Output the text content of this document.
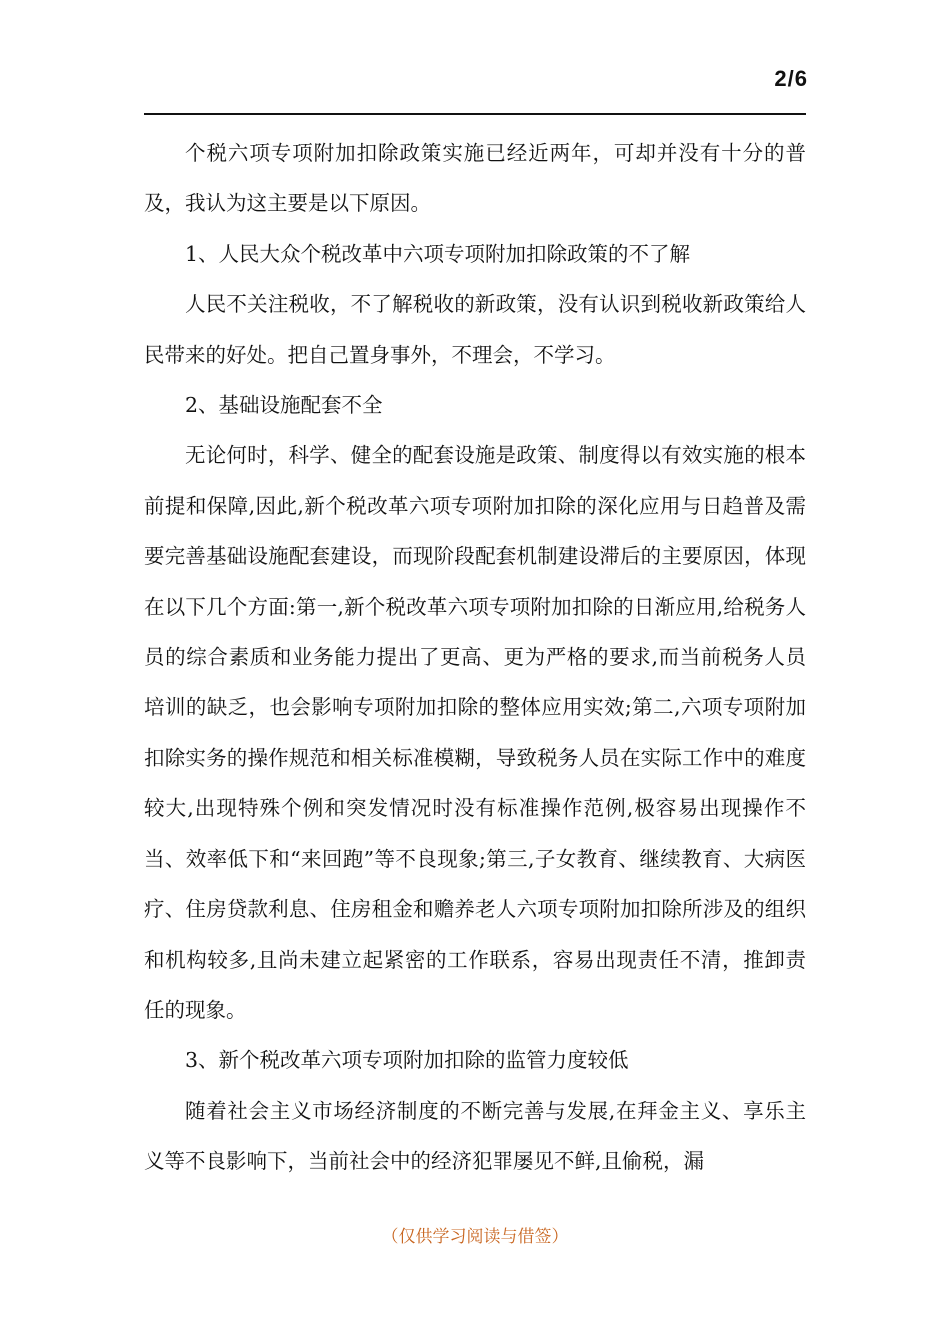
2/6

个税六项专项附加扣除政策实施已经近两年，可却并没有十分的普及，我认为这主要是以下原因。

1、人民大众个税改革中六项专项附加扣除政策的不了解

人民不关注税收，不了解税收的新政策，没有认识到税收新政策给人民带来的好处。把自己置身事外，不理会，不学习。

2、基础设施配套不全

无论何时，科学、健全的配套设施是政策、制度得以有效实施的根本前提和保障,因此,新个税改革六项专项附加扣除的深化应用与日趋普及需要完善基础设施配套建设，而现阶段配套机制建设滞后的主要原因，体现在以下几个方面:第一,新个税改革六项专项附加扣除的日渐应用,给税务人员的综合素质和业务能力提出了更高、更为严格的要求,而当前税务人员培训的缺乏，也会影响专项附加扣除的整体应用实效;第二,六项专项附加扣除实务的操作规范和相关标准模糊，导致税务人员在实际工作中的难度较大,出现特殊个例和突发情况时没有标准操作范例,极容易出现操作不当、效率低下和“来回跑”等不良现象;第三,子女教育、继续教育、大病医疗、住房贷款利息、住房租金和赡养老人六项专项附加扣除所涉及的组织和机构较多,且尚未建立起紧密的工作联系，容易出现责任不清，推卸责任的现象。

3、新个税改革六项专项附加扣除的监管力度较低

随着社会主义市场经济制度的不断完善与发展,在拜金主义、享乐主义等不良影响下，当前社会中的经济犯罪屡见不鲜,且偷税，漏

（仅供学习阅读与借签）
